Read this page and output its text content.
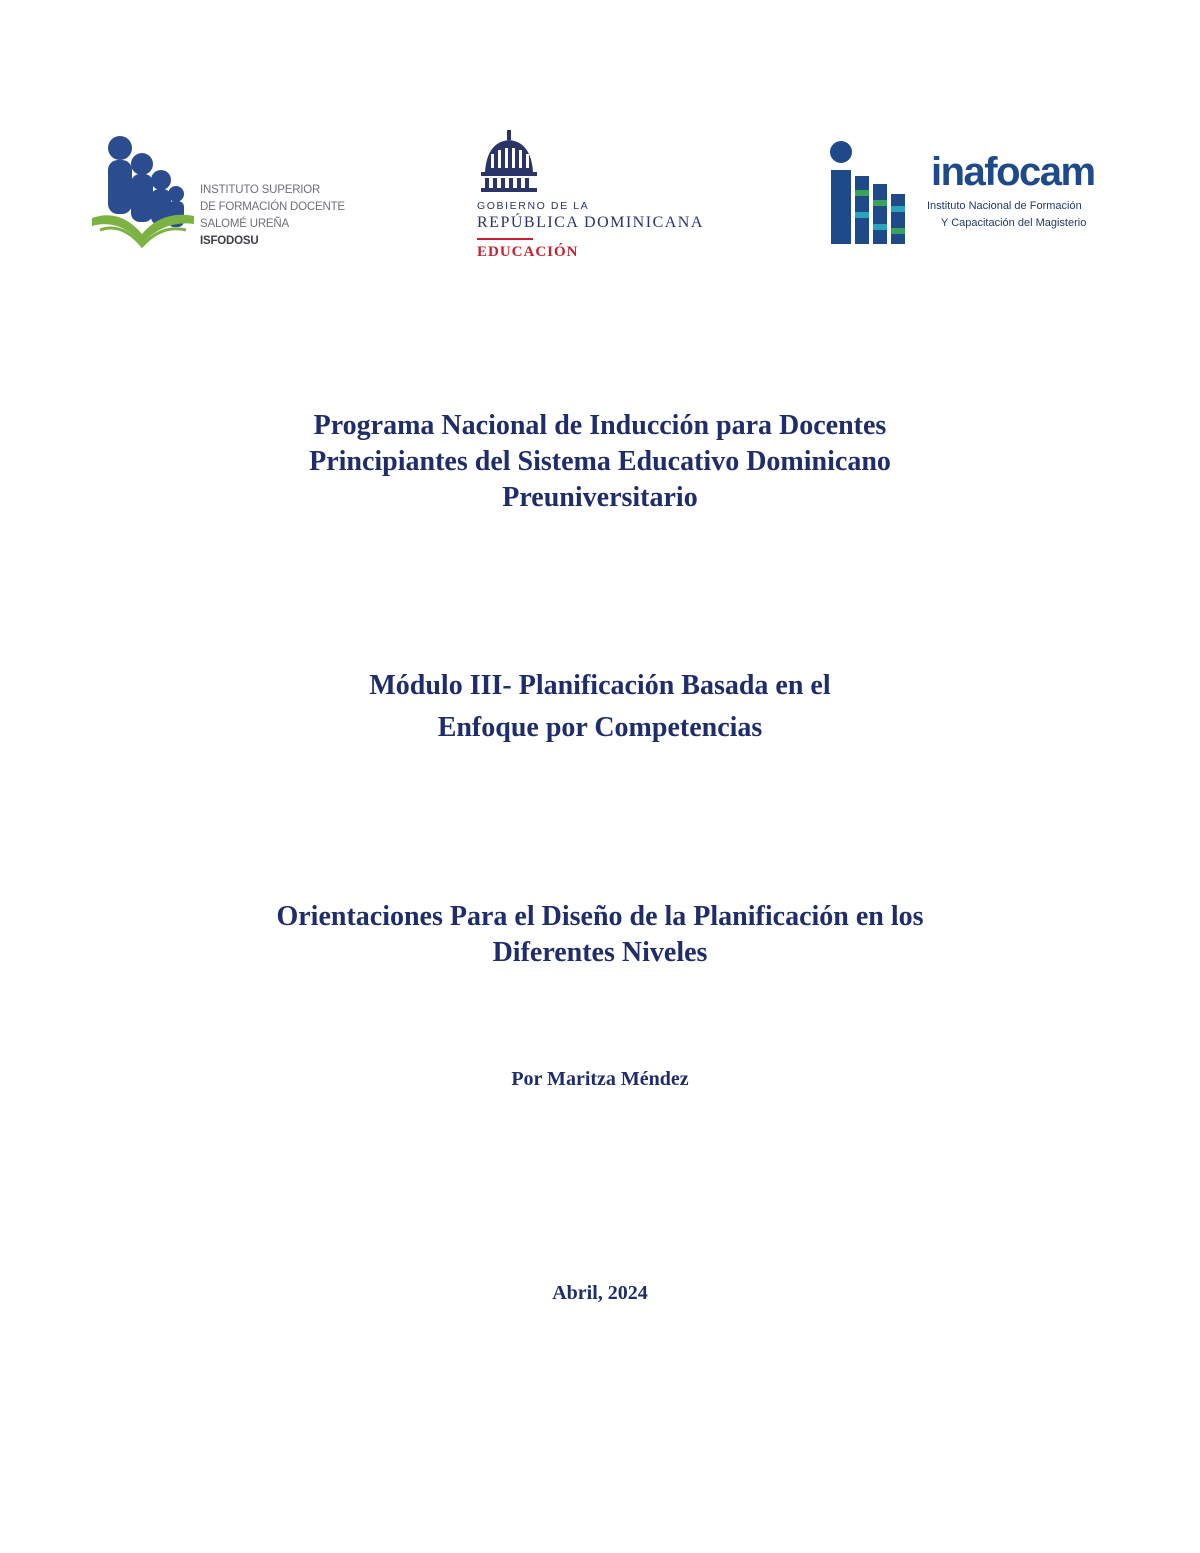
INSTITUTO SUPERIOR
DE FORMACIÓN DOCENTE
SALOMÉ UREÑA
ISFODOSU
GOBIERNO DE LA
REPÚBLICA DOMINICANA
EDUCACIÓN
inafocam
Instituto Nacional de Formación
Y Capacitación del Magisterio
Programa Nacional de Inducción para Docentes
Principiantes del Sistema Educativo Dominicano
Preuniversitario
Módulo III- Planificación Basada en el
Enfoque por Competencias
Orientaciones Para el Diseño de la Planificación en los
Diferentes Niveles
Por Maritza Méndez
Abril, 2024
